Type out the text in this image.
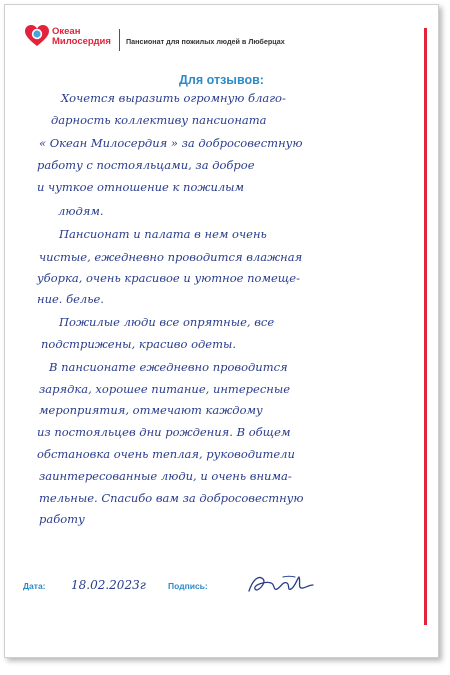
Океан
Милосердия Пансионат для пожилых людей в Люберцах
Для отзывов:
Хочется выразить огромную благо-
дарность коллективу пансионата
« Океан Милосердия » за добросовестную
работу с постояльцами, за доброе
и чуткое отношение к пожилым
людям.
Пансионат и палата в нем очень
чистые, ежедневно проводится влажная
уборка, очень красивое и уютное помеще-
ние. белье.
Пожилые люди все опрятные, все
подстрижены, красиво одеты.
В пансионате ежедневно проводится
зарядка, хорошее питание, интересные
мероприятия, отмечают каждому
из постояльцев дни рождения. В общем
обстановка очень теплая, руководители
заинтересованные люди, и очень внима-
тельные. Спасибо вам за добросовестную
работу
Дата: 18.02.2023г	Подпись:
